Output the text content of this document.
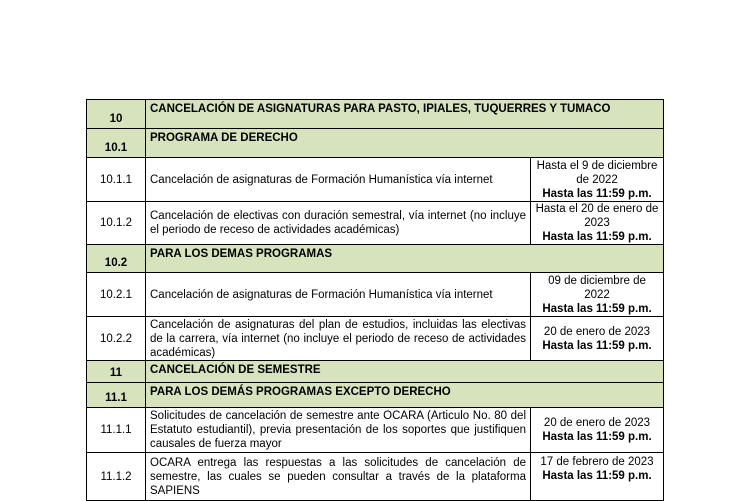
10	CANCELACIÓN DE ASIGNATURAS PARA PASTO, IPIALES, TUQUERRES Y TUMACO	
10.1	PROGRAMA DE DERECHO	
10.1.1	Cancelación de asignaturas de Formación Humanística vía internet	Hasta el 9 de diciembre de 2022
Hasta las 11:59 p.m.

10.1.2	Cancelación de electivas con duración semestral, vía internet (no incluye el periodo de receso de actividades académicas)	Hasta el 20 de enero de 2023
Hasta las 11:59 p.m.

10.2	PARA LOS DEMAS PROGRAMAS	
10.2.1	Cancelación de asignaturas de Formación Humanística vía internet	09 de diciembre de 2022
Hasta las 11:59 p.m.

10.2.2	Cancelación de asignaturas del plan de estudios, incluidas las electivas de la carrera, vía internet (no incluye el periodo de receso de actividades académicas)	20 de enero de 2023
Hasta las 11:59 p.m.

11	CANCELACIÓN DE SEMESTRE	
11.1	PARA LOS DEMÁS PROGRAMAS EXCEPTO DERECHO	
11.1.1	Solicitudes de cancelación de semestre ante OCARA (Articulo No. 80 del Estatuto estudiantil), previa presentación de los soportes que justifiquen causales de fuerza mayor	20 de enero de 2023
Hasta las 11:59 p.m.

11.1.2	OCARA entrega las respuestas a las solicitudes de cancelación de semestre, las cuales se pueden consultar a través de la plataforma SAPIENS	17 de febrero de 2023
Hasta las 11:59 p.m.
